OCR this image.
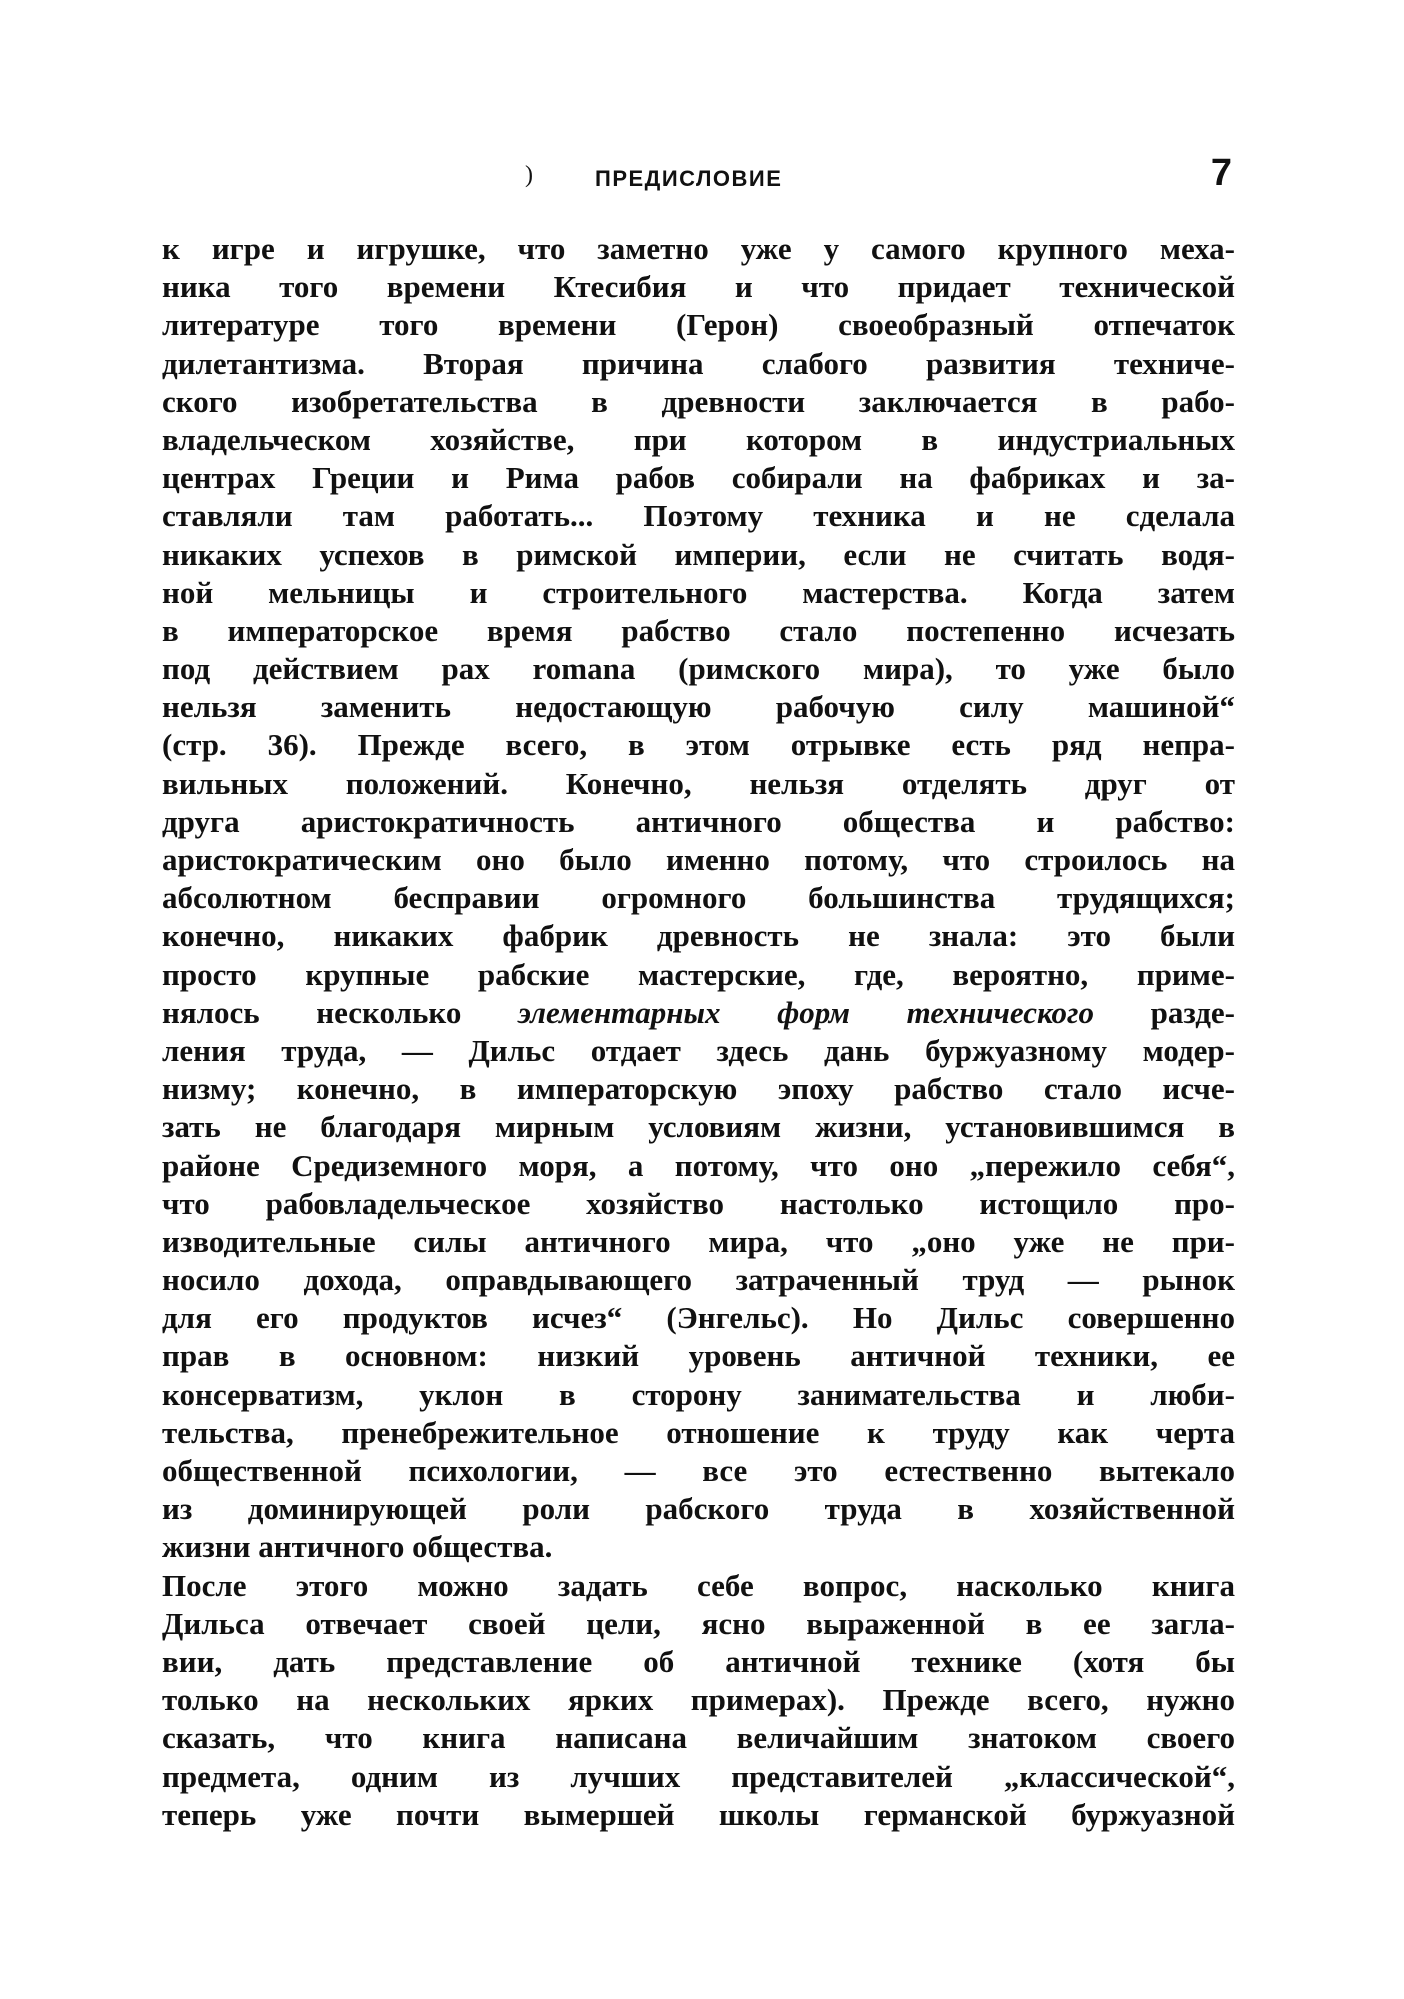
)	ПРЕДИСЛОВИЕ	7
к игре и игрушке, что заметно уже у самого крупного меха-
ника того времени Ктесибия и что придает технической
литературе того времени (Герон) своеобразный отпечаток
дилетантизма. Вторая причина слабого развития техниче-
ского изобретательства в древности заключается в рабо-
владельческом хозяйстве, при котором в индустриальных
центрах Греции и Рима рабов собирали на фабриках и за-
ставляли там работать... Поэтому техника и не сделала
никаких успехов в римской империи, если не считать водя-
ной мельницы и строительного мастерства. Когда затем
в императорское время рабство стало постепенно исчезать
под действием pax romana (римского мира), то уже было
нельзя заменить недостающую рабочую силу машиной“
(стр. 36). Прежде всего, в этом отрывке есть ряд непра-
вильных положений. Конечно, нельзя отделять друг от
друга аристократичность античного общества и рабство:
аристократическим оно было именно потому, что строилось на
абсолютном бесправии огромного большинства трудящихся;
конечно, никаких фабрик древность не знала: это были
просто крупные рабские мастерские, где, вероятно, приме-
нялось несколько элементарных форм технического разде-
ления труда, — Дильс отдает здесь дань буржуазному модер-
низму; конечно, в императорскую эпоху рабство стало исче-
зать не благодаря мирным условиям жизни, установившимся в
районе Средиземного моря, а потому, что оно „пережило себя“,
что рабовладельческое хозяйство настолько истощило про-
изводительные силы античного мира, что „оно уже не при-
носило дохода, оправдывающего затраченный труд — рынок
для его продуктов исчез“ (Энгельс). Но Дильс совершенно
прав в основном: низкий уровень античной техники, ее
консерватизм, уклон в сторону занимательства и люби-
тельства, пренебрежительное отношение к труду как черта
общественной психологии, — все это естественно вытекало
из доминирующей роли рабского труда в хозяйственной
жизни античного общества.
После этого можно задать себе вопрос, насколько книга
Дильса отвечает своей цели, ясно выраженной в ее загла-
вии, дать представление об античной технике (хотя бы
только на нескольких ярких примерах). Прежде всего, нужно
сказать, что книга написана величайшим знатоком своего
предмета, одним из лучших представителей „классической“,
теперь уже почти вымершей школы германской буржуазной
